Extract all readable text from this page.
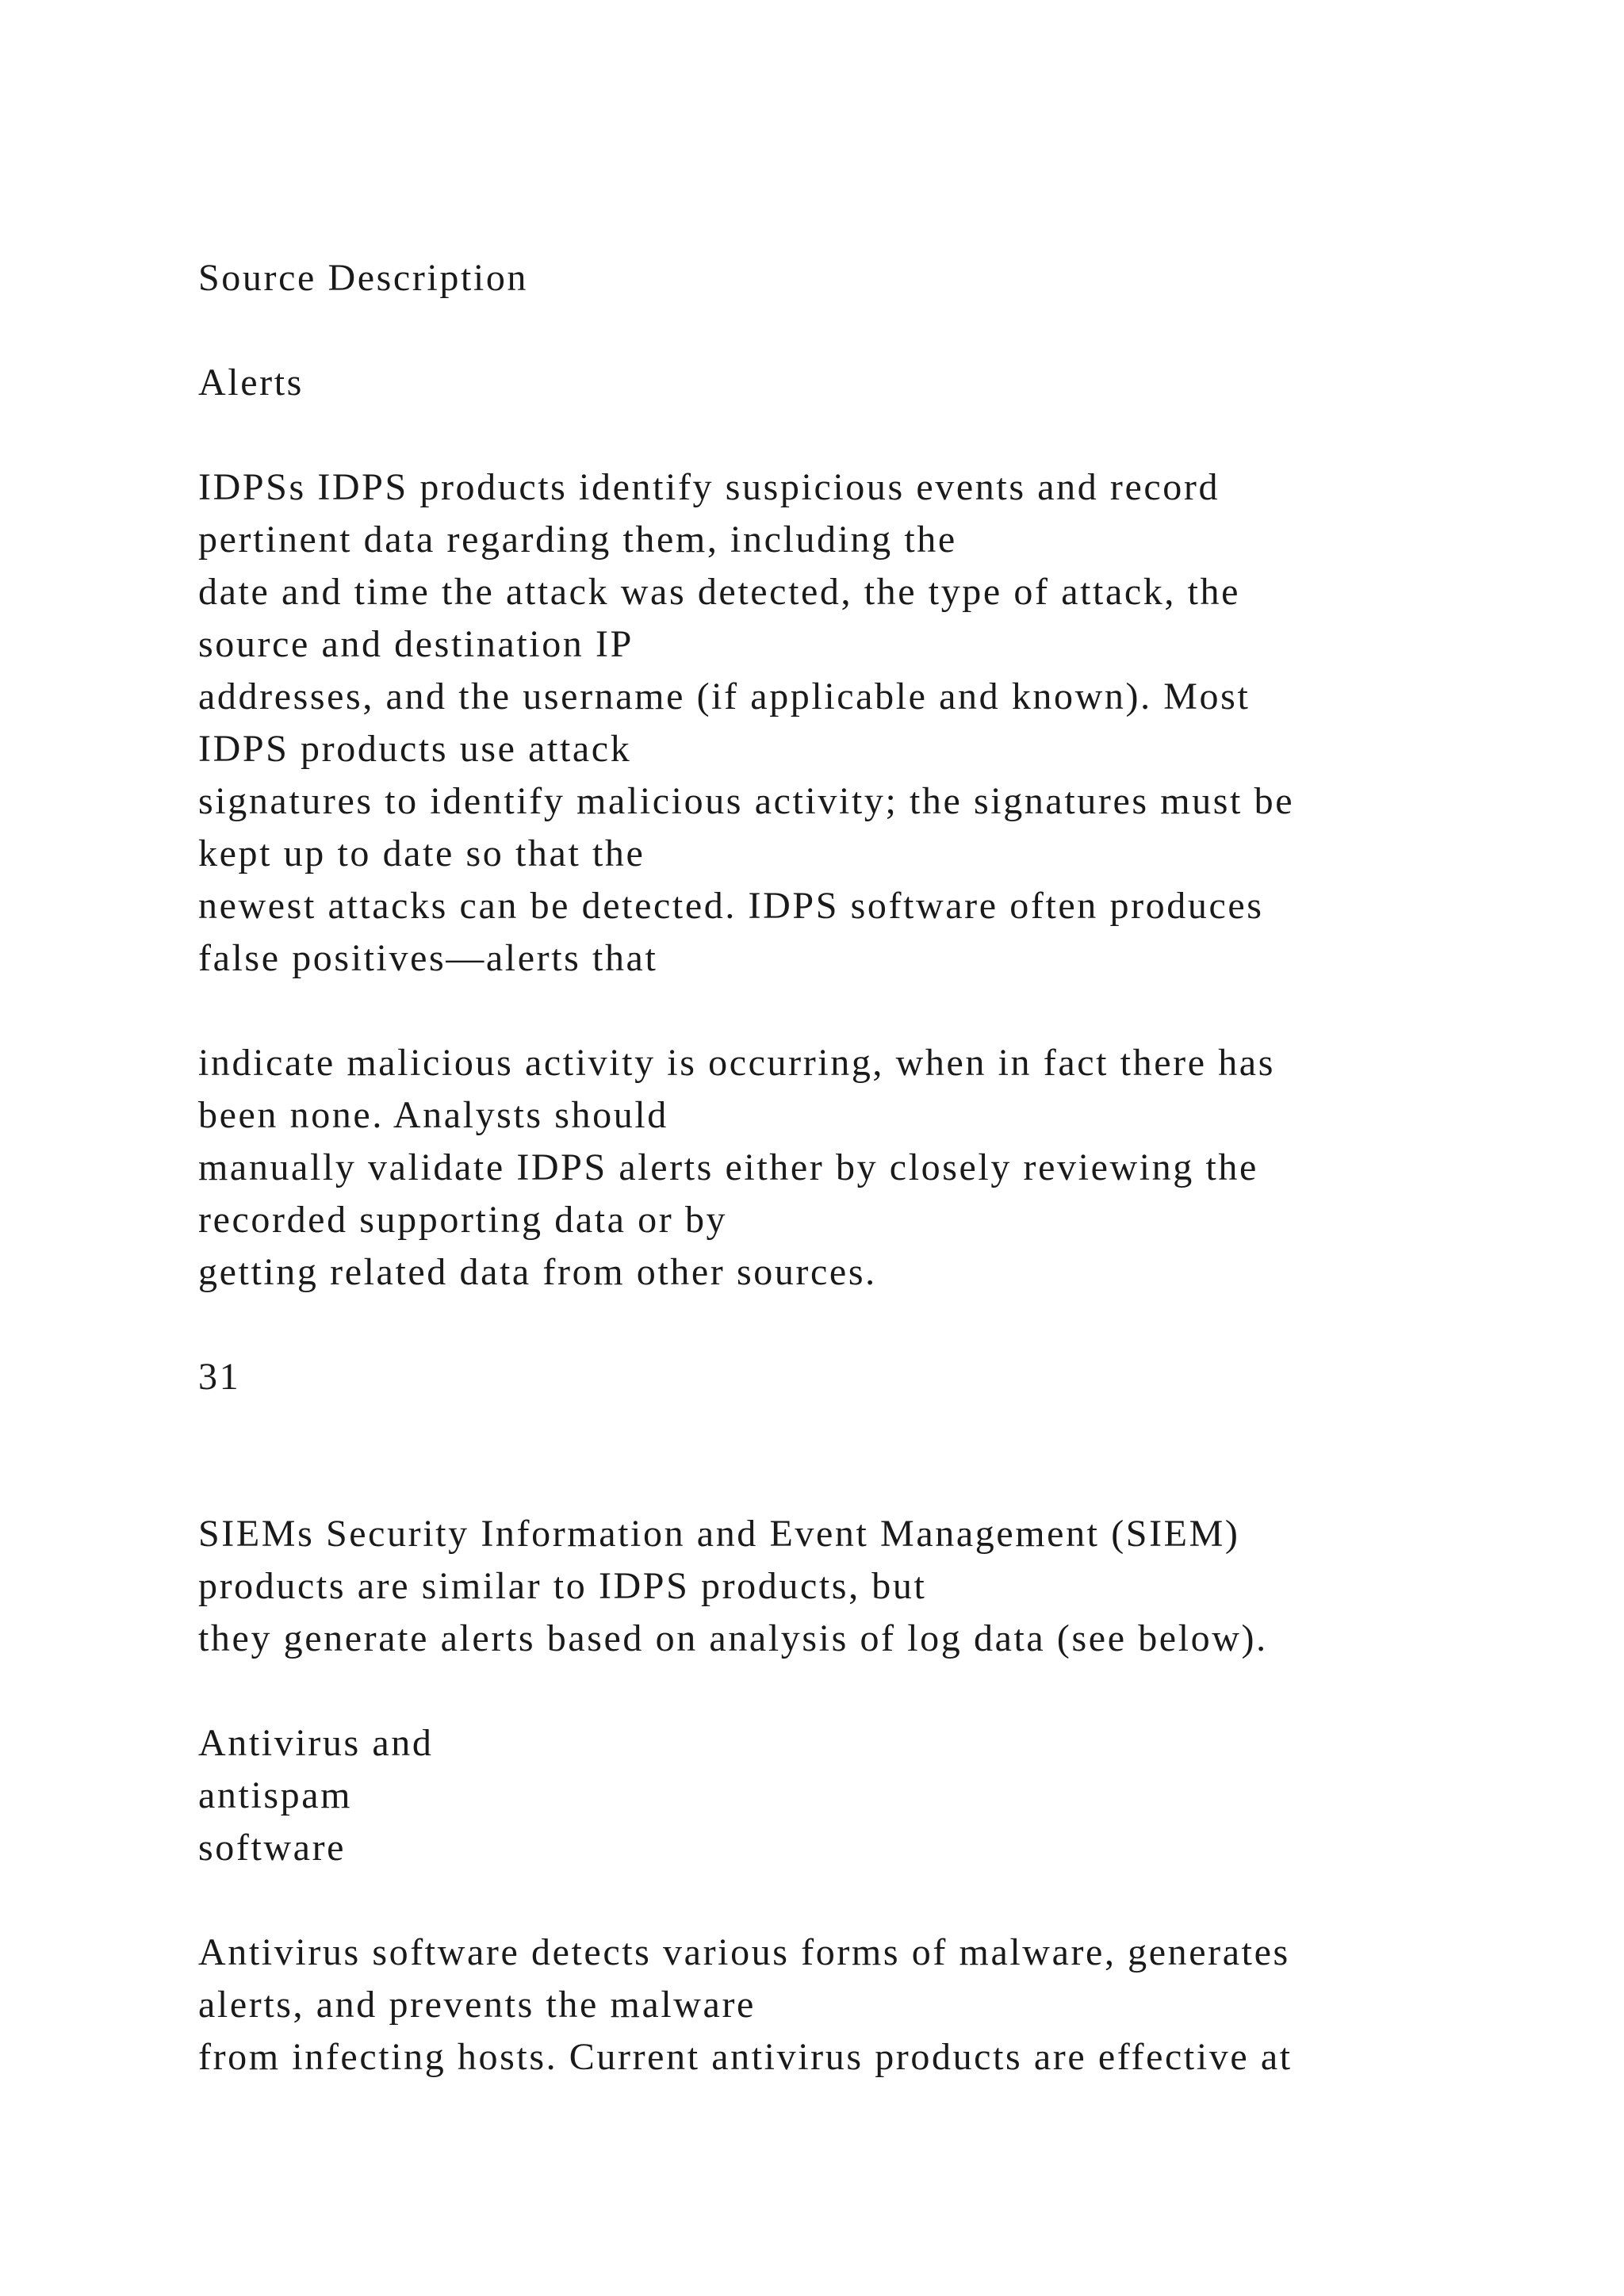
Source Description
Alerts
IDPSs IDPS products identify suspicious events and record
pertinent data regarding them, including the
date and time the attack was detected, the type of attack, the
source and destination IP
addresses, and the username (if applicable and known). Most
IDPS products use attack
signatures to identify malicious activity; the signatures must be
kept up to date so that the
newest attacks can be detected. IDPS software often produces
false positives—alerts that
indicate malicious activity is occurring, when in fact there has
been none. Analysts should
manually validate IDPS alerts either by closely reviewing the
recorded supporting data or by
getting related data from other sources.
31
SIEMs Security Information and Event Management (SIEM)
products are similar to IDPS products, but
they generate alerts based on analysis of log data (see below).
Antivirus and
antispam
software
Antivirus software detects various forms of malware, generates
alerts, and prevents the malware
from infecting hosts. Current antivirus products are effective at
